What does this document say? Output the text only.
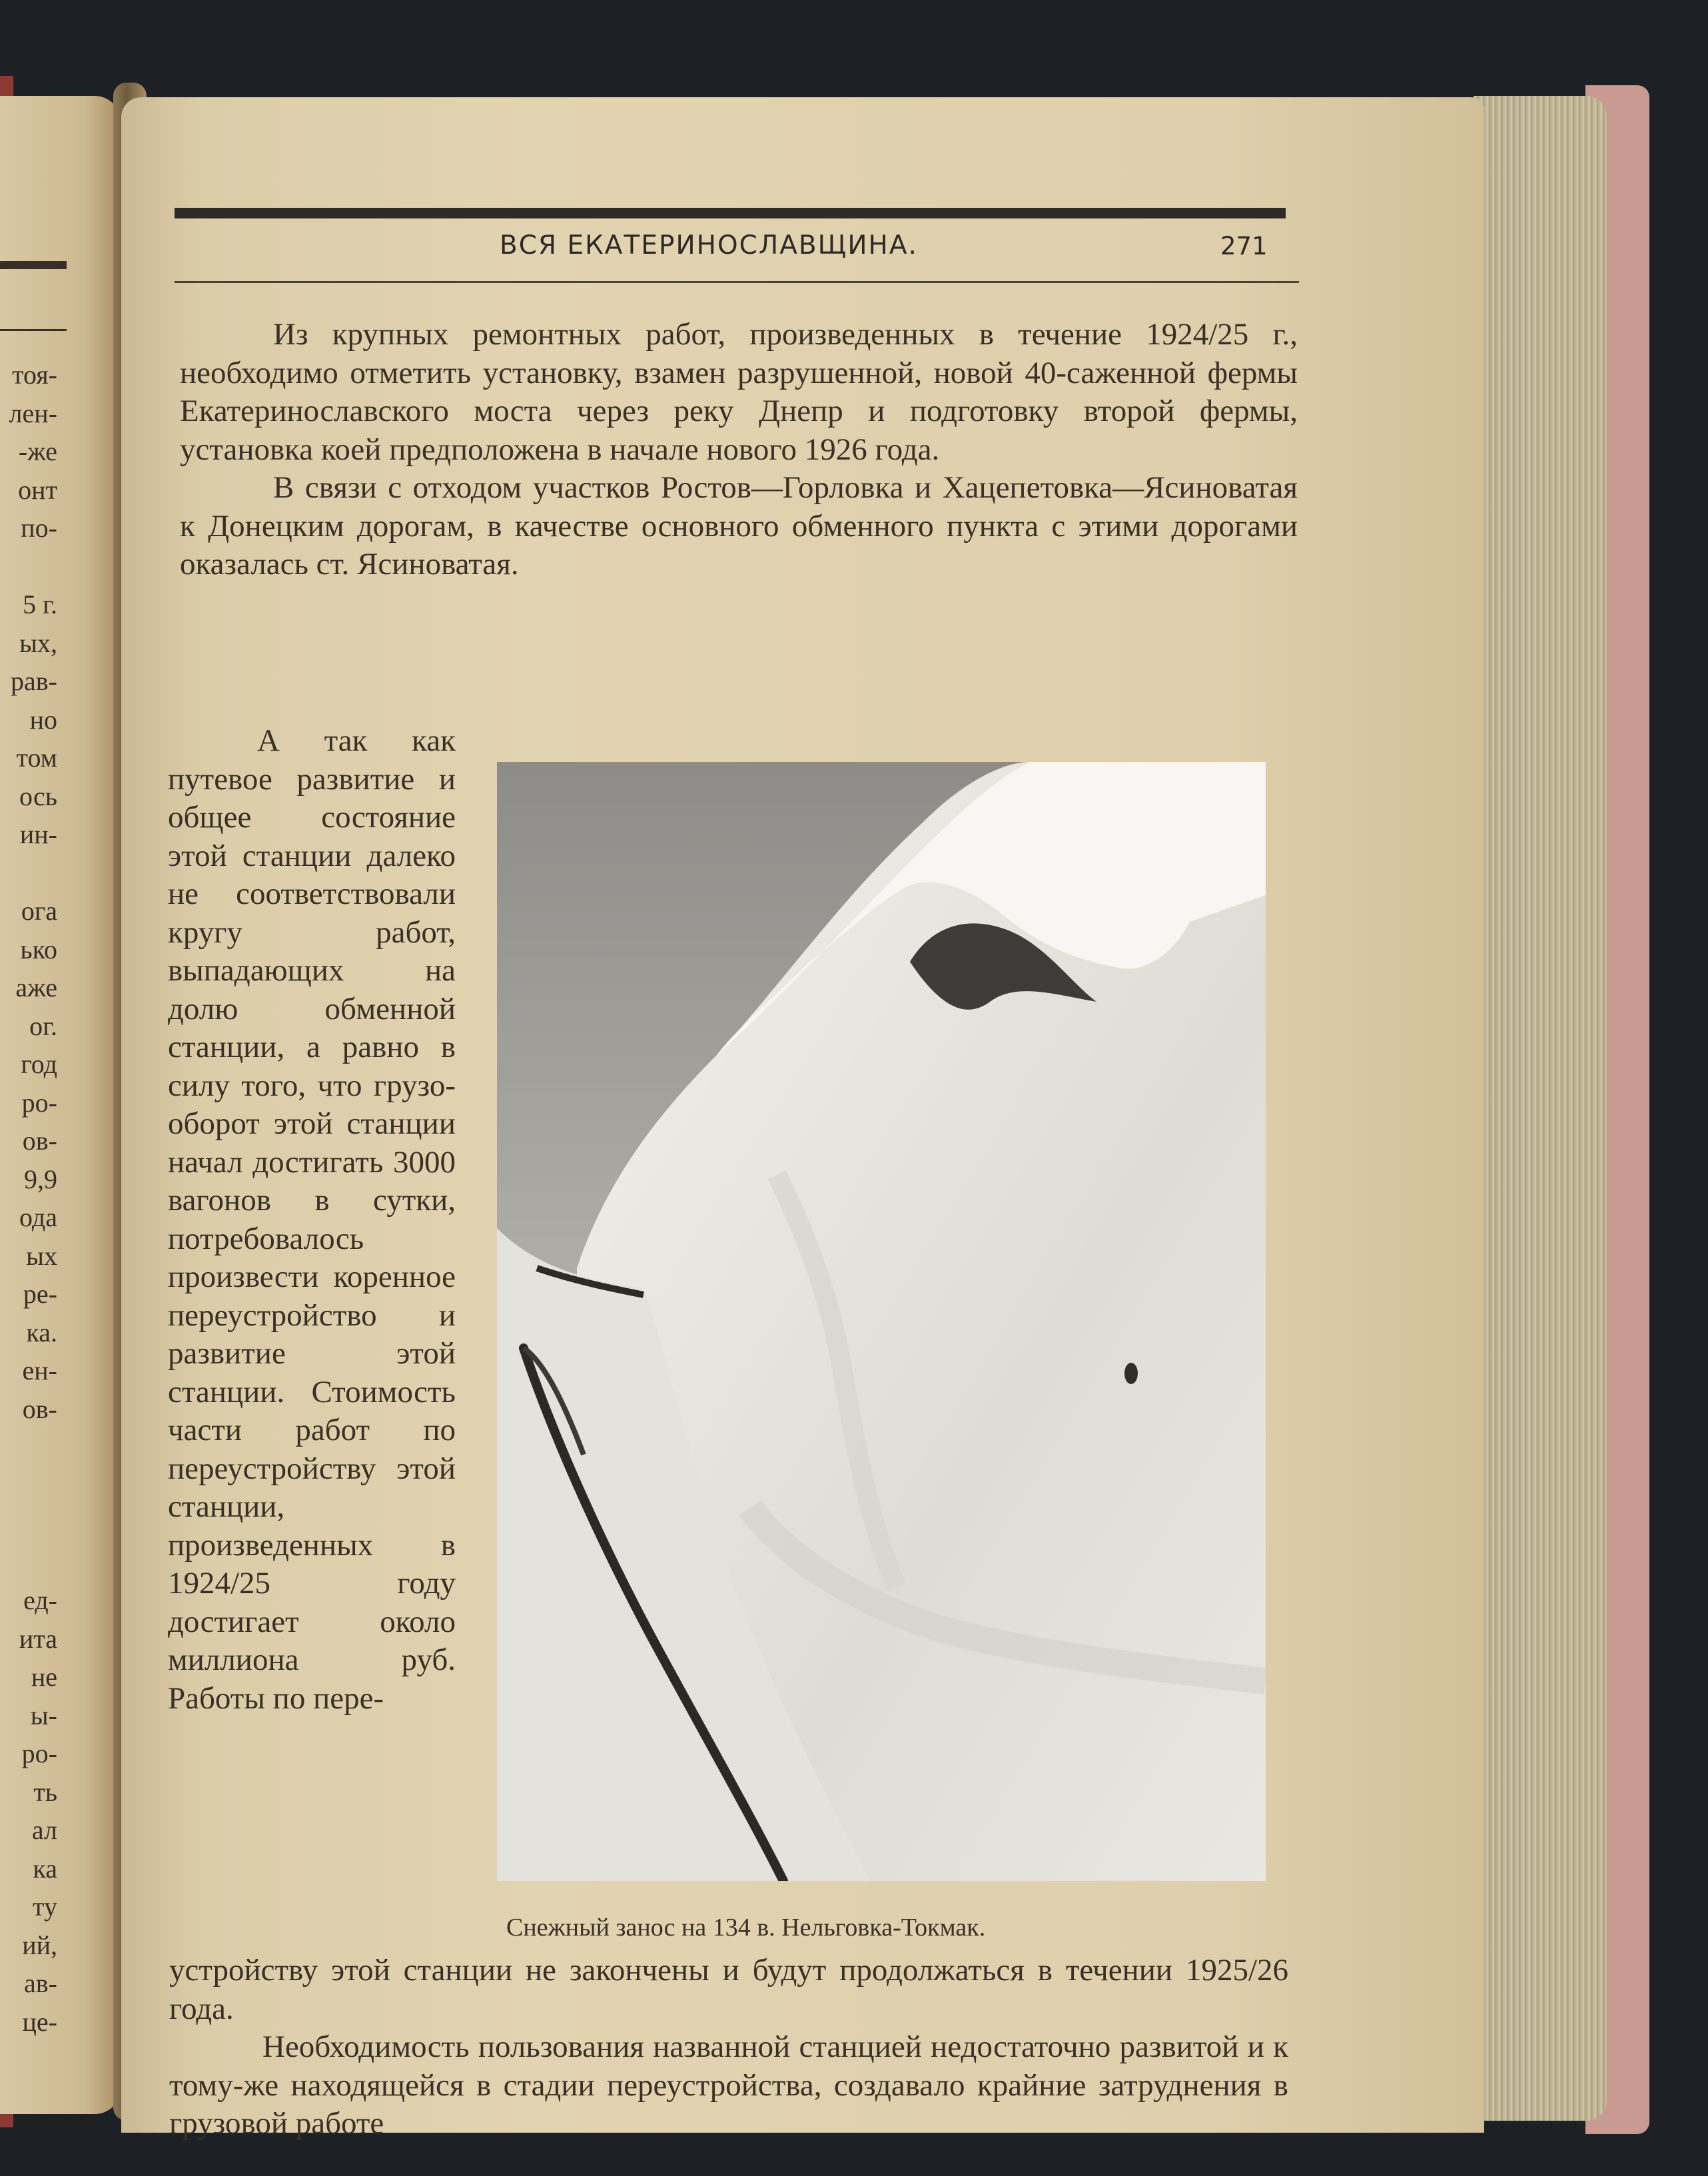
тоя-
лен-
-же
онт
по-
5 г.
ых,
рав-
но
том
ось
ин-
ога
ько
аже
ог.
год
ро-
ов-
9,9
ода
ых
ре-
ка.
ен-
ов-
ед-
ита
не
ы-
ро-
ть
ал
ка
ту
ий,
ав-
це-
ВСЯ ЕКАТЕРИНОСЛАВЩИНА.	271

Из крупных ремонтных работ, произведенных в течение 1924/25 г., необходимо отметить установку, взамен разрушенной, новой 40-саженной фермы Екатеринославского моста через реку Днепр и подготовку второй фермы, установка коей предположена в начале нового 1926 года.

В связи с отходом участков Ростов—Горловка и Хацепетовка—Ясиноватая к Донецким дорогам, в качестве основного обменного пункта с этими дорогами оказалась ст. Ясиноватая.

А так как путевое развитие и общее состояние этой станции далеко не соответствовали кругу работ, выпадающих на долю обменной станции, а равно в силу того, что грузо-оборот этой станции начал достигать 3000 вагонов в сутки, потребовалось произвести коренное переустройство и развитие этой станции. Стоимость части работ по переустройству этой станции, произведенных в 1924/25 году достигает около миллиона руб. Работы по пере-

Снежный занос на 134 в. Нельговка-Токмак.

устройству этой станции не закончены и будут продолжаться в течении 1925/26 года.

Необходимость пользования названной станцией недостаточно развитой и к тому-же находящейся в стадии переустройства, создавало крайние затруднения в грузовой работе
